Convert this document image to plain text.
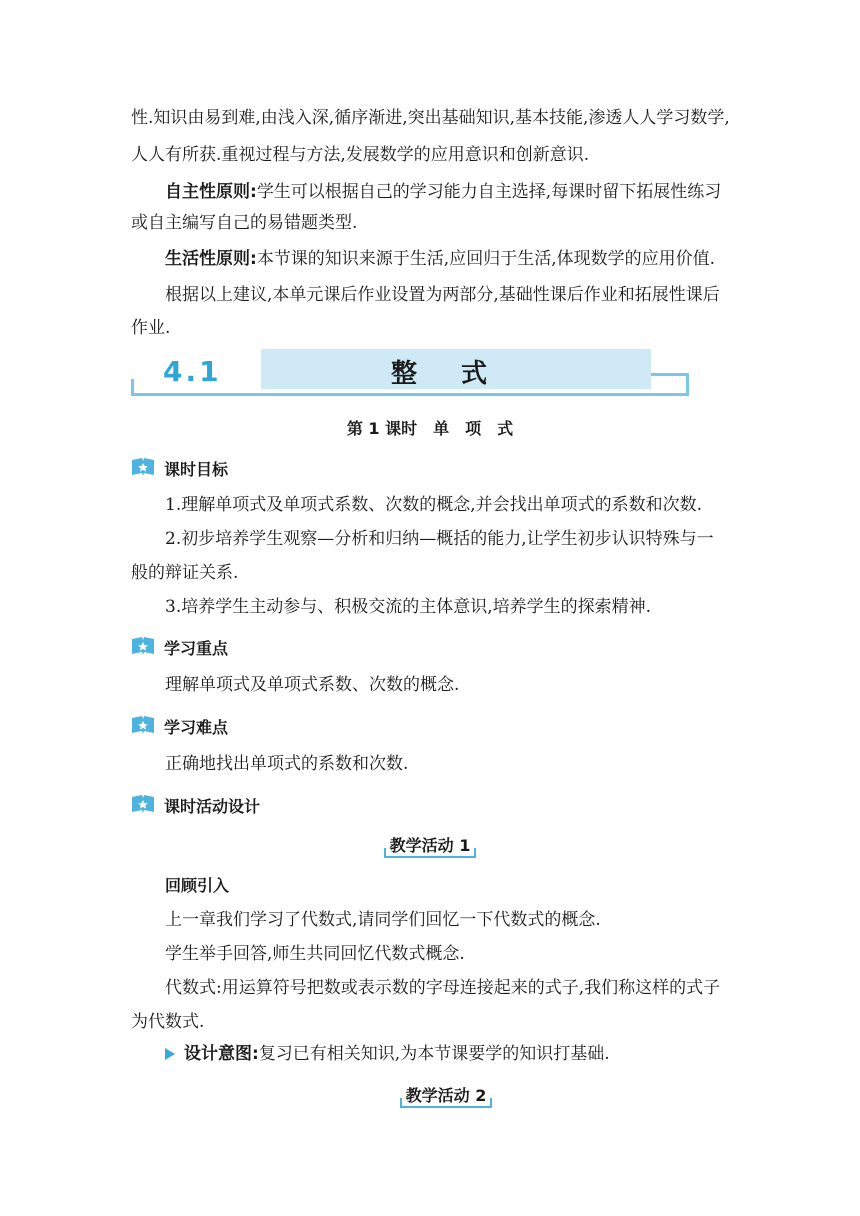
性.知识由易到难,由浅入深,循序渐进,突出基础知识,基本技能,渗透人人学习数学,

人人有所获.重视过程与方法,发展数学的应用意识和创新意识.

自主性原则:学生可以根据自己的学习能力自主选择,每课时留下拓展性练习

或自主编写自己的易错题类型.

生活性原则:本节课的知识来源于生活,应回归于生活,体现数学的应用价值.

根据以上建议,本单元课后作业设置为两部分,基础性课后作业和拓展性课后

作业.

4.1	整式
第 1 课时　单　项　式
课时目标

1.理解单项式及单项式系数、次数的概念,并会找出单项式的系数和次数.

2.初步培养学生观察—分析和归纳—概括的能力,让学生初步认识特殊与一

般的辩证关系.

3.培养学生主动参与、积极交流的主体意识,培养学生的探索精神.

学习重点

理解单项式及单项式系数、次数的概念.

学习难点

正确地找出单项式的系数和次数.

课时活动设计
教学活动 1

回顾引入

上一章我们学习了代数式,请同学们回忆一下代数式的概念.

学生举手回答,师生共同回忆代数式概念.

代数式:用运算符号把数或表示数的字母连接起来的式子,我们称这样的式子

为代数式.

设计意图:复习已有相关知识,为本节课要学的知识打基础.

教学活动 2
